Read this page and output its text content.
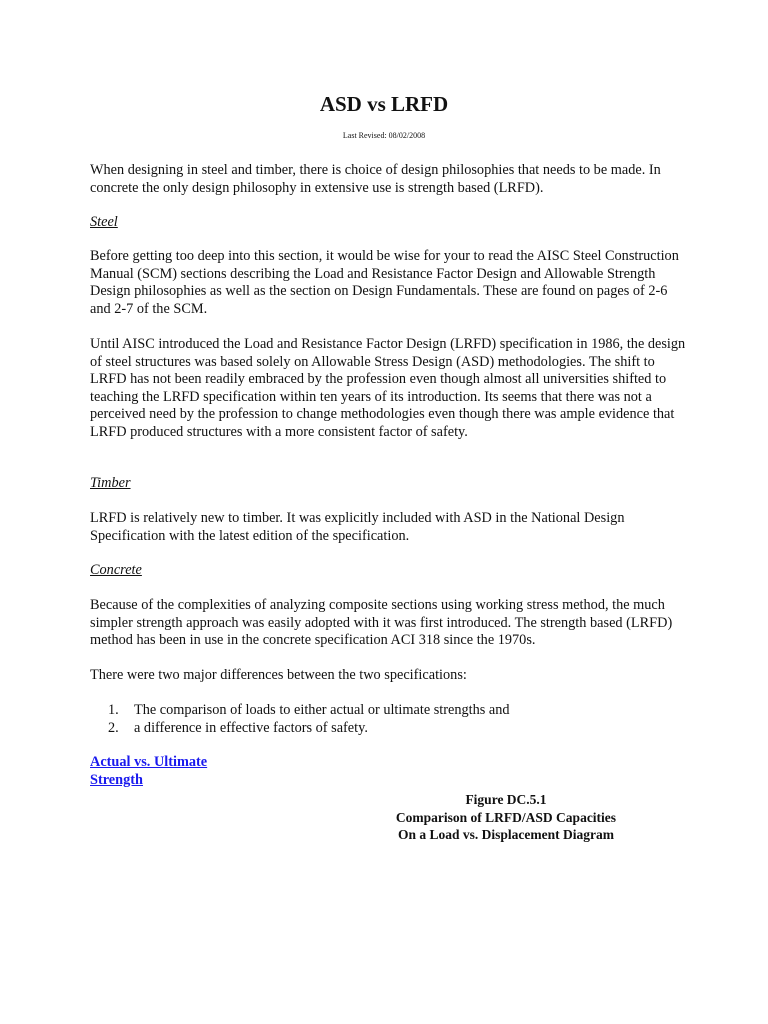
ASD vs LRFD
Last Revised: 08/02/2008

When designing in steel and timber, there is choice of design philosophies that needs to be made. In concrete the only design philosophy in extensive use is strength based (LRFD).

Steel

Before getting too deep into this section, it would be wise for your to read the AISC Steel Construction Manual (SCM) sections describing the Load and Resistance Factor Design and Allowable Strength Design philosophies as well as the section on Design Fundamentals. These are found on pages of 2-6 and 2-7 of the SCM.

Until AISC introduced the Load and Resistance Factor Design (LRFD) specification in 1986, the design of steel structures was based solely on Allowable Stress Design (ASD) methodologies. The shift to LRFD has not been readily embraced by the profession even though almost all universities shifted to teaching the LRFD specification within ten years of its introduction. Its seems that there was not a perceived need by the profession to change methodologies even though there was ample evidence that LRFD produced structures with a more consistent factor of safety.

Timber

LRFD is relatively new to timber. It was explicitly included with ASD in the National Design Specification with the latest edition of the specification.

Concrete

Because of the complexities of analyzing composite sections using working stress method, the much simpler strength approach was easily adopted with it was first introduced. The strength based (LRFD) method has been in use in the concrete specification ACI 318 since the 1970s.

There were two major differences between the two specifications:

1. The comparison of loads to either actual or ultimate strengths and
2. a difference in effective factors of safety.
Actual vs. Ultimate Strength
Figure DC.5.1
Comparison of LRFD/ASD Capacities
On a Load vs. Displacement Diagram
